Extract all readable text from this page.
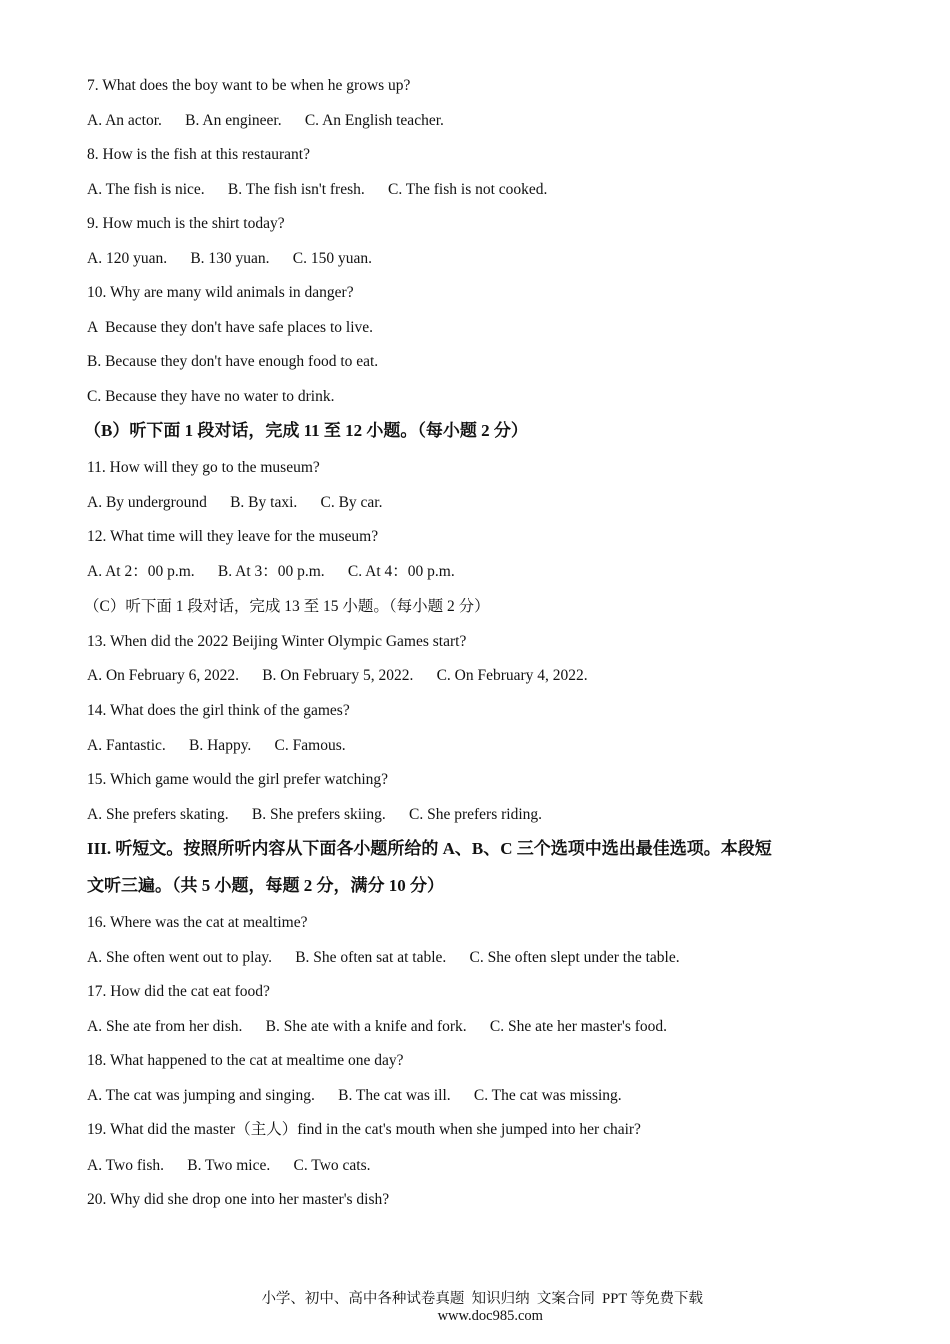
7. What does the boy want to be when he grows up?
A. An actor.      B. An engineer.      C. An English teacher.
8. How is the fish at this restaurant?
A. The fish is nice.      B. The fish isn't fresh.      C. The fish is not cooked.
9. How much is the shirt today?
A. 120 yuan.      B. 130 yuan.      C. 150 yuan.
10. Why are many wild animals in danger?
A  Because they don't have safe places to live.
B. Because they don't have enough food to eat.
C. Because they have no water to drink.
（B）听下面 1 段对话，完成 11 至 12 小题。（每小题 2 分）
11. How will they go to the museum?
A. By underground      B. By taxi.      C. By car.
12. What time will they leave for the museum?
A. At 2：00 p.m.      B. At 3：00 p.m.      C. At 4：00 p.m.
（C）听下面 1 段对话，完成 13 至 15 小题。（每小题 2 分）
13. When did the 2022 Beijing Winter Olympic Games start?
A. On February 6, 2022.      B. On February 5, 2022.      C. On February 4, 2022.
14. What does the girl think of the games?
A. Fantastic.      B. Happy.      C. Famous.
15. Which game would the girl prefer watching?
A. She prefers skating.      B. She prefers skiing.      C. She prefers riding.
III. 听短文。按照所听内容从下面各小题所给的 A、B、C 三个选项中选出最佳选项。本段短
文听三遍。（共 5 小题，每题 2 分，满分 10 分）
16. Where was the cat at mealtime?
A. She often went out to play.      B. She often sat at table.      C. She often slept under the table.
17. How did the cat eat food?
A. She ate from her dish.      B. She ate with a knife and fork.      C. She ate her master's food.
18. What happened to the cat at mealtime one day?
A. The cat was jumping and singing.      B. The cat was ill.      C. The cat was missing.
19. What did the master（主人）find in the cat's mouth when she jumped into her chair?
A. Two fish.      B. Two mice.      C. Two cats.
20. Why did she drop one into her master's dish?

小学、初中、高中各种试卷真题  知识归纳  文案合同  PPT 等免费下载
www.doc985.com
